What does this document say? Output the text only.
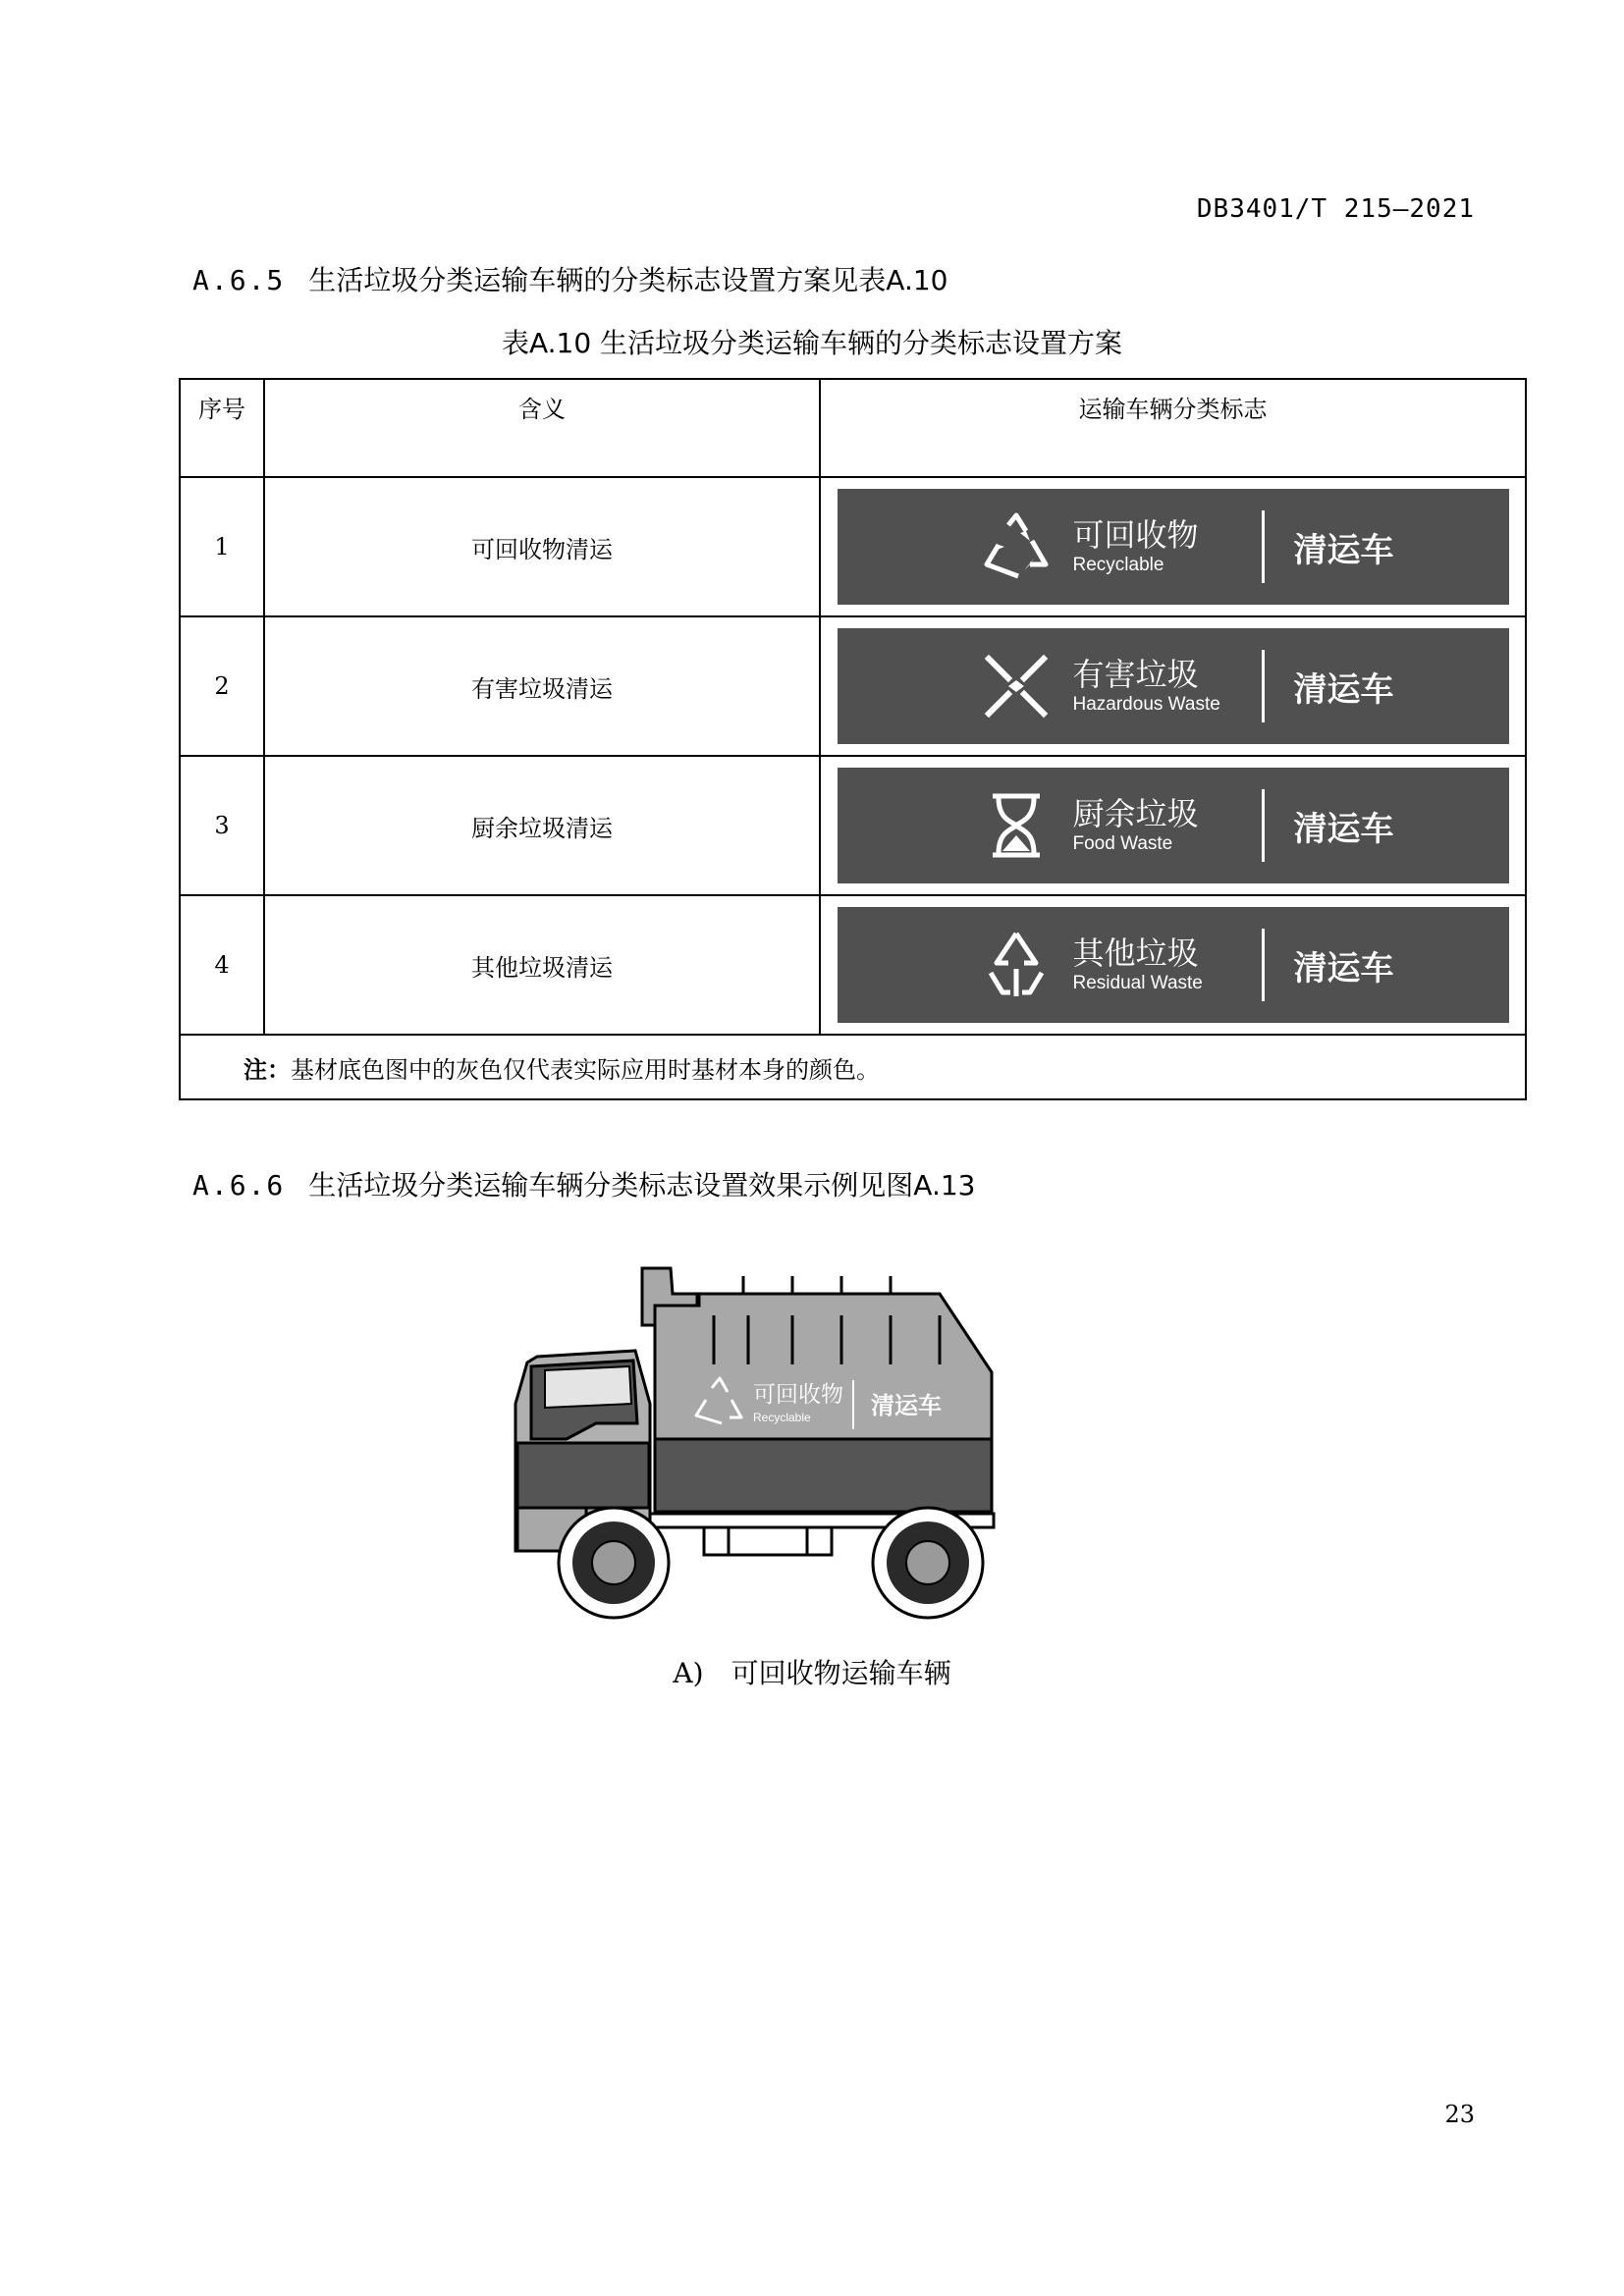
DB3401/T 215—2021
A.6.5 生活垃圾分类运输车辆的分类标志设置方案见表A.10
表A.10 生活垃圾分类运输车辆的分类标志设置方案
序号	含义	运输车辆分类标志
1	可回收物清运	可回收物
Recyclable 清运车

2	有害垃圾清运	有害垃圾
Hazardous Waste 清运车

3	厨余垃圾清运	厨余垃圾
Food Waste 清运车

4	其他垃圾清运	其他垃圾
Residual Waste 清运车

注：基材底色图中的灰色仅代表实际应用时基材本身的颜色。		
A.6.6 生活垃圾分类运输车辆分类标志设置效果示例见图A.13
可回收物
Recyclable	清运车
A) 可回收物运输车辆
23
